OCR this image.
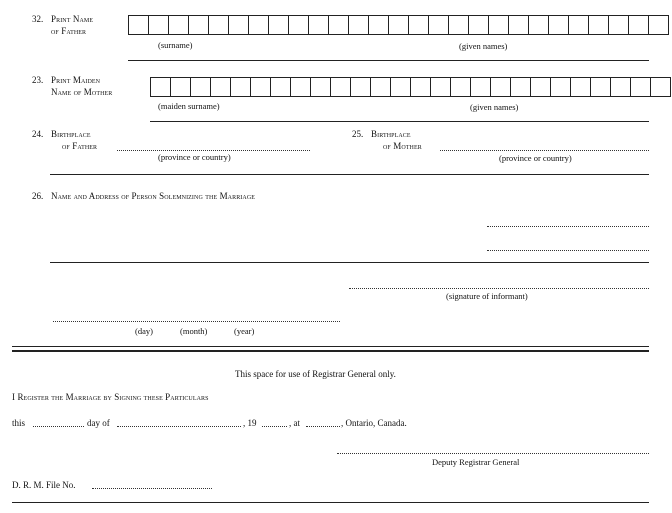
32. Print Name
of Father
(surname)	(given names)
23. Print Maiden
Name of Mother
(maiden surname)	(given names)
24. Birthplace
of Father
(province or country)
25. Birthplace
of Mother
(province or country)
26. Name and Address of Person Solemnizing the Marriage
(signature of informant)
(day)	(month)	(year)
This space for use of Registrar General only.
I Register the Marriage by Signing these Particulars
this	day of	, 19	, at	, Ontario, Canada.
Deputy Registrar General
D. R. M. File No.
